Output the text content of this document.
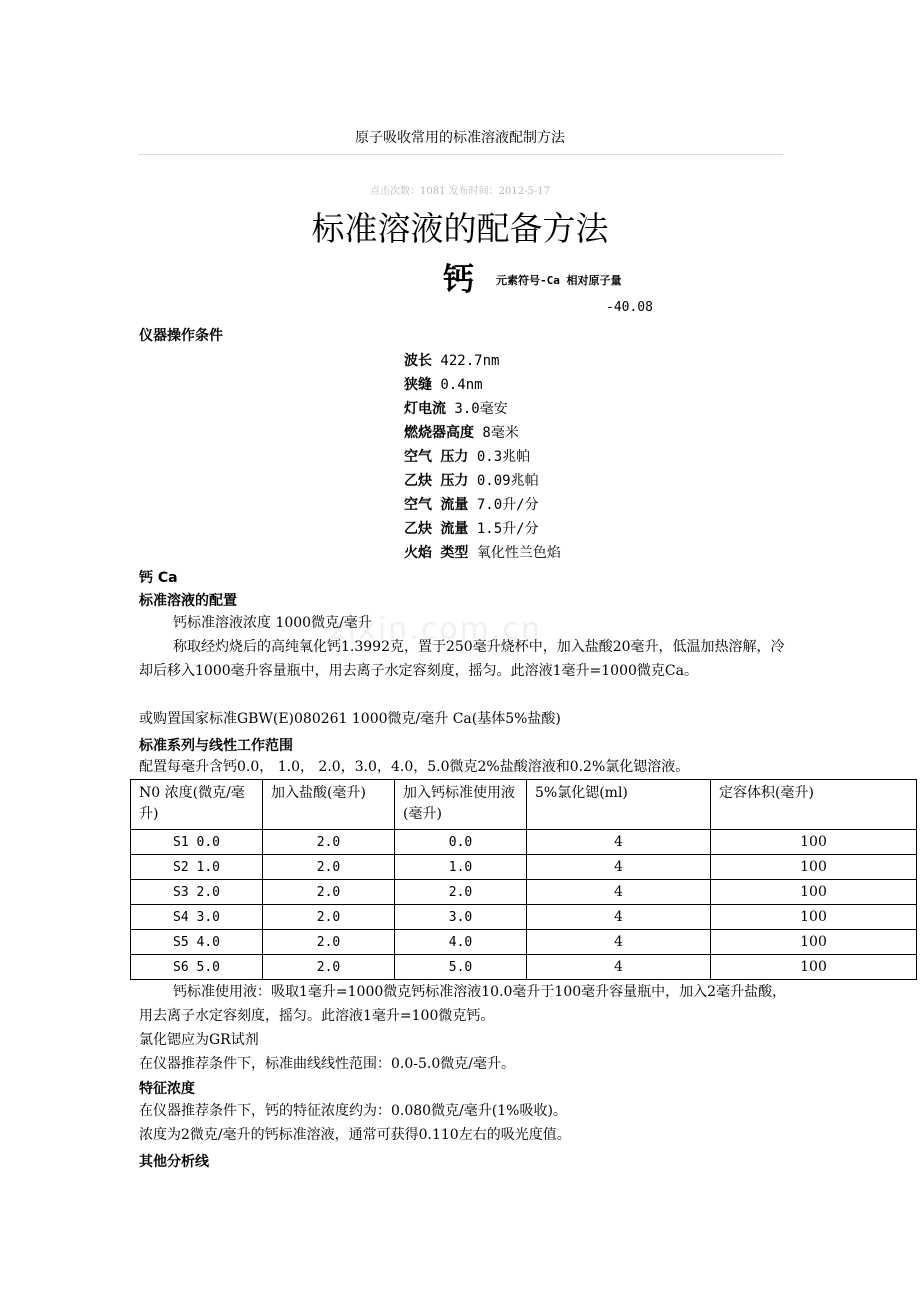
原子吸收常用的标准溶液配制方法
点击次数：1081 发布时间：2012-5-17
zixin.com.cn
标准溶液的配备方法
钙 元素符号-Ca 相对原子量
-40.08
仪器操作条件
波长 422.7nm
狭缝 0.4nm
灯电流 3.0毫安
燃烧器高度 8毫米
空气 压力 0.3兆帕
乙炔 压力 0.09兆帕
空气 流量 7.0升/分
乙炔 流量 1.5升/分
火焰 类型 氧化性兰色焰
钙 Ca
标准溶液的配置
钙标准溶液浓度 1000微克/毫升
称取经灼烧后的高纯氧化钙1.3992克，置于250毫升烧杯中，加入盐酸20毫升，低温加热溶解，冷却后移入1000毫升容量瓶中，用去离子水定容刻度，摇匀。此溶液1毫升=1000微克Ca。
或购置国家标准GBW(E)080261 1000微克/毫升 Ca(基体5%盐酸)
标准系列与线性工作范围
配置每毫升含钙0.0， 1.0， 2.0，3.0，4.0，5.0微克2%盐酸溶液和0.2%氯化锶溶液。
N0 浓度(微克/毫升)	加入盐酸(毫升)	加入钙标准使用液(毫升)	5%氯化锶(ml)	定容体积(毫升)
S1 0.0	2.0	0.0	4	100
S2 1.0	2.0	1.0	4	100
S3 2.0	2.0	2.0	4	100
S4 3.0	2.0	3.0	4	100
S5 4.0	2.0	4.0	4	100
S6 5.0	2.0	5.0	4	100
钙标准使用液：吸取1毫升=1000微克钙标准溶液10.0毫升于100毫升容量瓶中，加入2毫升盐酸，用去离子水定容刻度，摇匀。此溶液1毫升=100微克钙。
氯化锶应为GR试剂
在仪器推荐条件下，标准曲线线性范围：0.0-5.0微克/毫升。
特征浓度
在仪器推荐条件下，钙的特征浓度约为：0.080微克/毫升(1%吸收)。
浓度为2微克/毫升的钙标准溶液，通常可获得0.110左右的吸光度值。
其他分析线
